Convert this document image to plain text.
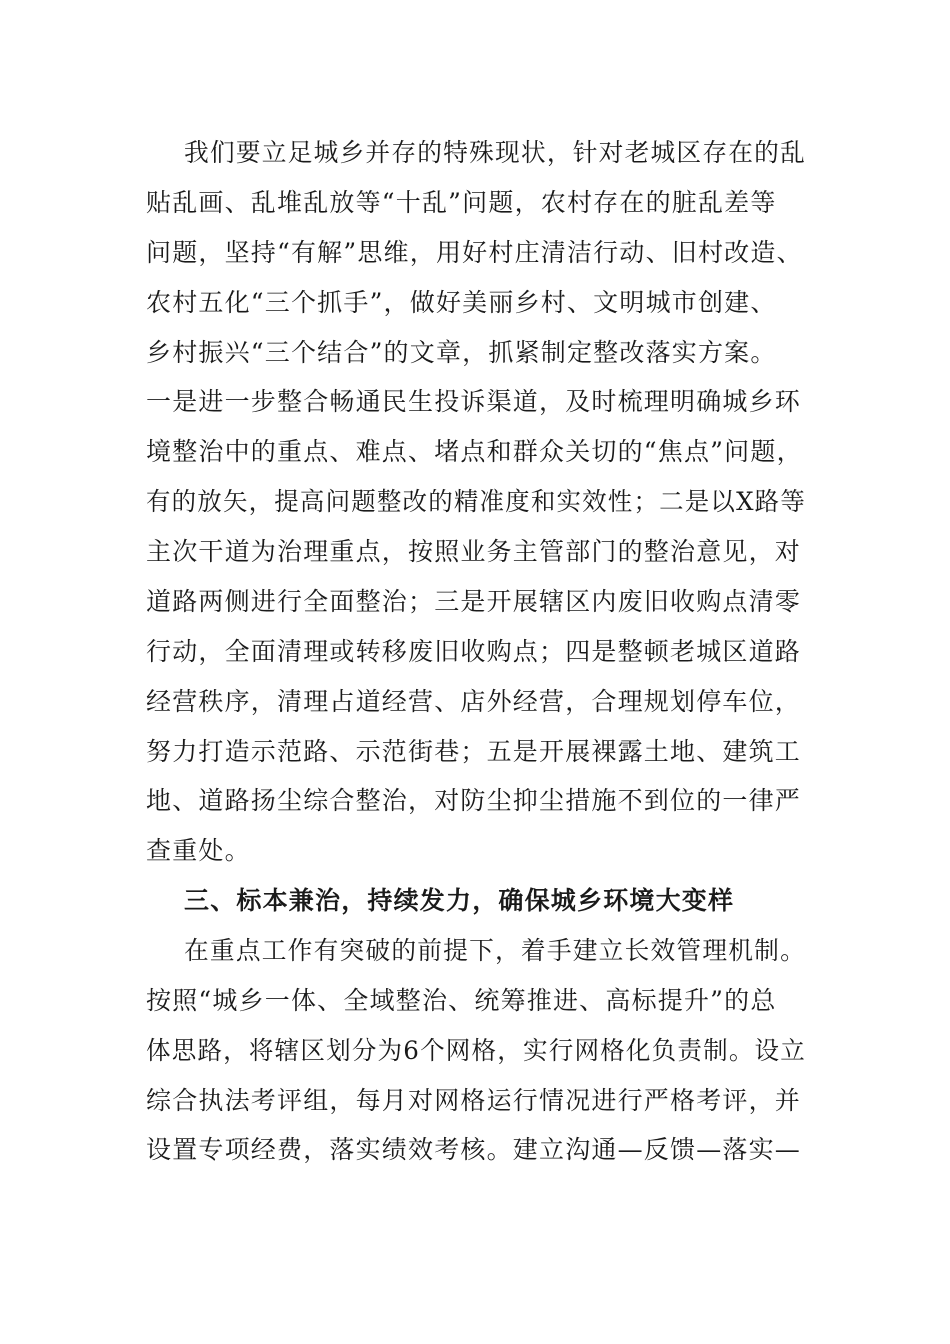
我们要立足城乡并存的特殊现状，针对老城区存在的乱
贴乱画、乱堆乱放等“十乱”问题，农村存在的脏乱差等
问题，坚持“有解”思维，用好村庄清洁行动、旧村改造、
农村五化“三个抓手”，做好美丽乡村、文明城市创建、
乡村振兴“三个结合”的文章，抓紧制定整改落实方案。
一是进一步整合畅通民生投诉渠道，及时梳理明确城乡环
境整治中的重点、难点、堵点和群众关切的“焦点”问题，
有的放矢，提高问题整改的精准度和实效性；二是以X路等
主次干道为治理重点，按照业务主管部门的整治意见，对
道路两侧进行全面整治；三是开展辖区内废旧收购点清零
行动，全面清理或转移废旧收购点；四是整顿老城区道路
经营秩序，清理占道经营、店外经营，合理规划停车位，
努力打造示范路、示范街巷；五是开展裸露土地、建筑工
地、道路扬尘综合整治，对防尘抑尘措施不到位的一律严
查重处。
三、标本兼治，持续发力，确保城乡环境大变样
在重点工作有突破的前提下，着手建立长效管理机制。
按照“城乡一体、全域整治、统筹推进、高标提升”的总
体思路，将辖区划分为6个网格，实行网格化负责制。设立
综合执法考评组，每月对网格运行情况进行严格考评，并
设置专项经费，落实绩效考核。建立沟通—反馈—落实—
